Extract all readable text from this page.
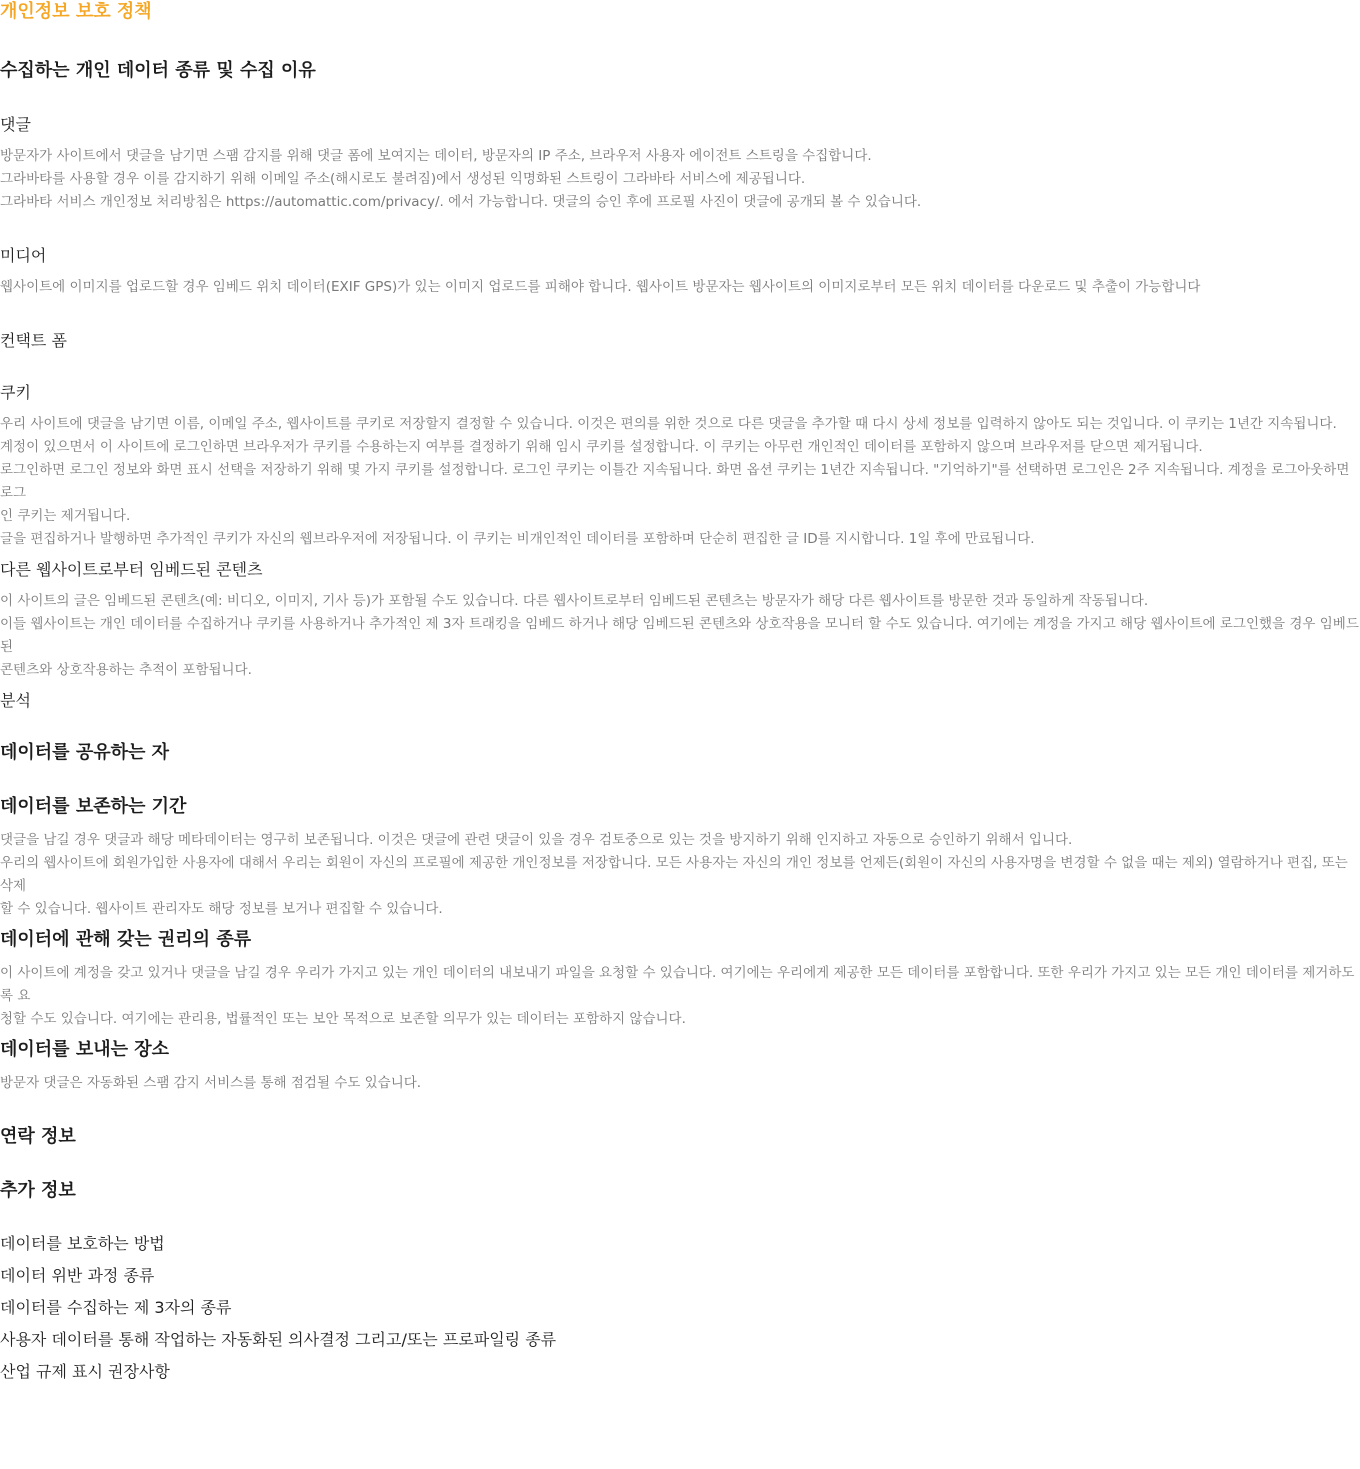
개인정보 보호 정책
수집하는 개인 데이터 종류 및 수집 이유
댓글

방문자가 사이트에서 댓글을 남기면 스팸 감지를 위해 댓글 폼에 보여지는 데이터, 방문자의 IP 주소, 브라우저 사용자 에이전트 스트링을 수집합니다.
그라바타를 사용할 경우 이를 감지하기 위해 이메일 주소(해시로도 불려짐)에서 생성된 익명화된 스트링이 그라바타 서비스에 제공됩니다.
그라바타 서비스 개인정보 처리방침은 https://automattic.com/privacy/. 에서 가능합니다. 댓글의 승인 후에 프로필 사진이 댓글에 공개되 볼 수 있습니다.

미디어

웹사이트에 이미지를 업로드할 경우 임베드 위치 데이터(EXIF GPS)가 있는 이미지 업로드를 피해야 합니다. 웹사이트 방문자는 웹사이트의 이미지로부터 모든 위치 데이터를 다운로드 및 추출이 가능합니다

컨택트 폼
쿠키

우리 사이트에 댓글을 남기면 이름, 이메일 주소, 웹사이트를 쿠키로 저장할지 결정할 수 있습니다. 이것은 편의를 위한 것으로 다른 댓글을 추가할 때 다시 상세 정보를 입력하지 않아도 되는 것입니다. 이 쿠키는 1년간 지속됩니다.
계정이 있으면서 이 사이트에 로그인하면 브라우저가 쿠키를 수용하는지 여부를 결정하기 위해 임시 쿠키를 설정합니다. 이 쿠키는 아무런 개인적인 데이터를 포함하지 않으며 브라우저를 닫으면 제거됩니다.
로그인하면 로그인 정보와 화면 표시 선택을 저장하기 위해 몇 가지 쿠키를 설정합니다. 로그인 쿠키는 이틀간 지속됩니다. 화면 옵션 쿠키는 1년간 지속됩니다. "기억하기"를 선택하면 로그인은 2주 지속됩니다. 계정을 로그아웃하면 로그
인 쿠키는 제거됩니다.
글을 편집하거나 발행하면 추가적인 쿠키가 자신의 웹브라우저에 저장됩니다. 이 쿠키는 비개인적인 데이터를 포함하며 단순히 편집한 글 ID를 지시합니다. 1일 후에 만료됩니다.

다른 웹사이트로부터 임베드된 콘텐츠

이 사이트의 글은 임베드된 콘텐츠(예: 비디오, 이미지, 기사 등)가 포함될 수도 있습니다. 다른 웹사이트로부터 임베드된 콘텐츠는 방문자가 해당 다른 웹사이트를 방문한 것과 동일하게 작동됩니다.
이들 웹사이트는 개인 데이터를 수집하거나 쿠키를 사용하거나 추가적인 제 3자 트래킹을 임베드 하거나 해당 임베드된 콘텐츠와 상호작용을 모니터 할 수도 있습니다. 여기에는 계정을 가지고 해당 웹사이트에 로그인했을 경우 임베드된
콘텐츠와 상호작용하는 추적이 포함됩니다.

분석
데이터를 공유하는 자
데이터를 보존하는 기간

댓글을 남길 경우 댓글과 해당 메타데이터는 영구히 보존됩니다. 이것은 댓글에 관련 댓글이 있을 경우 검토중으로 있는 것을 방지하기 위해 인지하고 자동으로 승인하기 위해서 입니다.
우리의 웹사이트에 회원가입한 사용자에 대해서 우리는 회원이 자신의 프로필에 제공한 개인정보를 저장합니다. 모든 사용자는 자신의 개인 정보를 언제든(회원이 자신의 사용자명을 변경할 수 없을 때는 제외) 열람하거나 편집, 또는 삭제
할 수 있습니다. 웹사이트 관리자도 해당 정보를 보거나 편집할 수 있습니다.

데이터에 관해 갖는 권리의 종류

이 사이트에 계정을 갖고 있거나 댓글을 남길 경우 우리가 가지고 있는 개인 데이터의 내보내기 파일을 요청할 수 있습니다. 여기에는 우리에게 제공한 모든 데이터를 포함합니다. 또한 우리가 가지고 있는 모든 개인 데이터를 제거하도록 요
청할 수도 있습니다. 여기에는 관리용, 법률적인 또는 보안 목적으로 보존할 의무가 있는 데이터는 포함하지 않습니다.

데이터를 보내는 장소

방문자 댓글은 자동화된 스팸 감지 서비스를 통해 점검될 수도 있습니다.

연락 정보
추가 정보
데이터를 보호하는 방법
데이터 위반 과정 종류
데이터를 수집하는 제 3자의 종류
사용자 데이터를 통해 작업하는 자동화된 의사결정 그리고/또는 프로파일링 종류
산업 규제 표시 권장사항
